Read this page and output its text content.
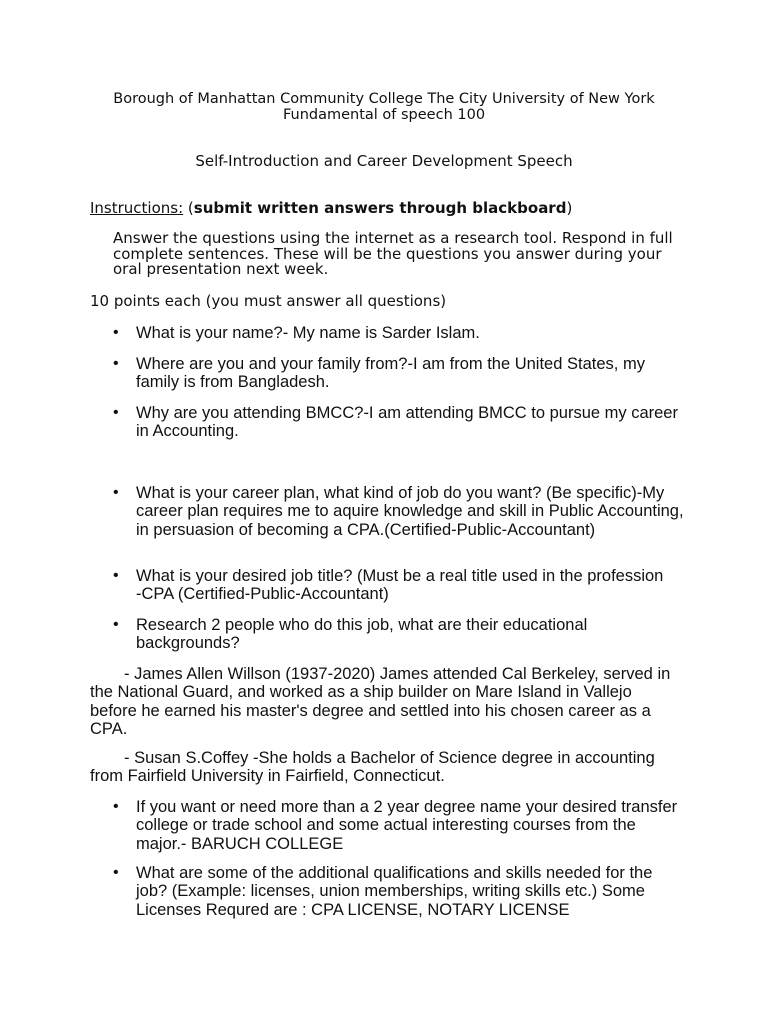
Borough of Manhattan Community College The City University of New York
Fundamental of speech 100
Self-Introduction and Career Development Speech
Instructions: (submit written answers through blackboard)
Answer the questions using the internet as a research tool. Respond in full complete sentences. These will be the questions you answer during your oral presentation next week.
10 points each (you must answer all questions)
•	What is your name?- My name is Sarder Islam.
•	Where are you and your family from?-I am from the United States, my family is from Bangladesh.
•	Why are you attending BMCC?-I am attending BMCC to pursue my career in Accounting.
•	What is your career plan, what kind of job do you want? (Be specific)-My career plan requires me to aquire knowledge and skill in Public Accounting, in persuasion of becoming a CPA.(Certified-Public-Accountant)
•	What is your desired job title? (Must be a real title used in the profession    -CPA (Certified-Public-Accountant)
•	Research 2 people who do this job, what are their educational backgrounds?
- James Allen Willson (1937-2020) James attended Cal Berkeley, served in the National Guard, and worked as a ship builder on Mare Island in Vallejo before he earned his master's degree and settled into his chosen career as a CPA.
- Susan S.Coffey -She holds a Bachelor of Science degree in accounting from Fairfield University in Fairfield, Connecticut.
•	If you want or need more than a 2 year degree name your desired transfer college or trade school and some actual interesting courses from the major.- BARUCH COLLEGE
•	What are some of the additional qualifications and skills needed for the job? (Example: licenses, union memberships, writing skills etc.) Some Licenses Requred are : CPA LICENSE, NOTARY LICENSE
